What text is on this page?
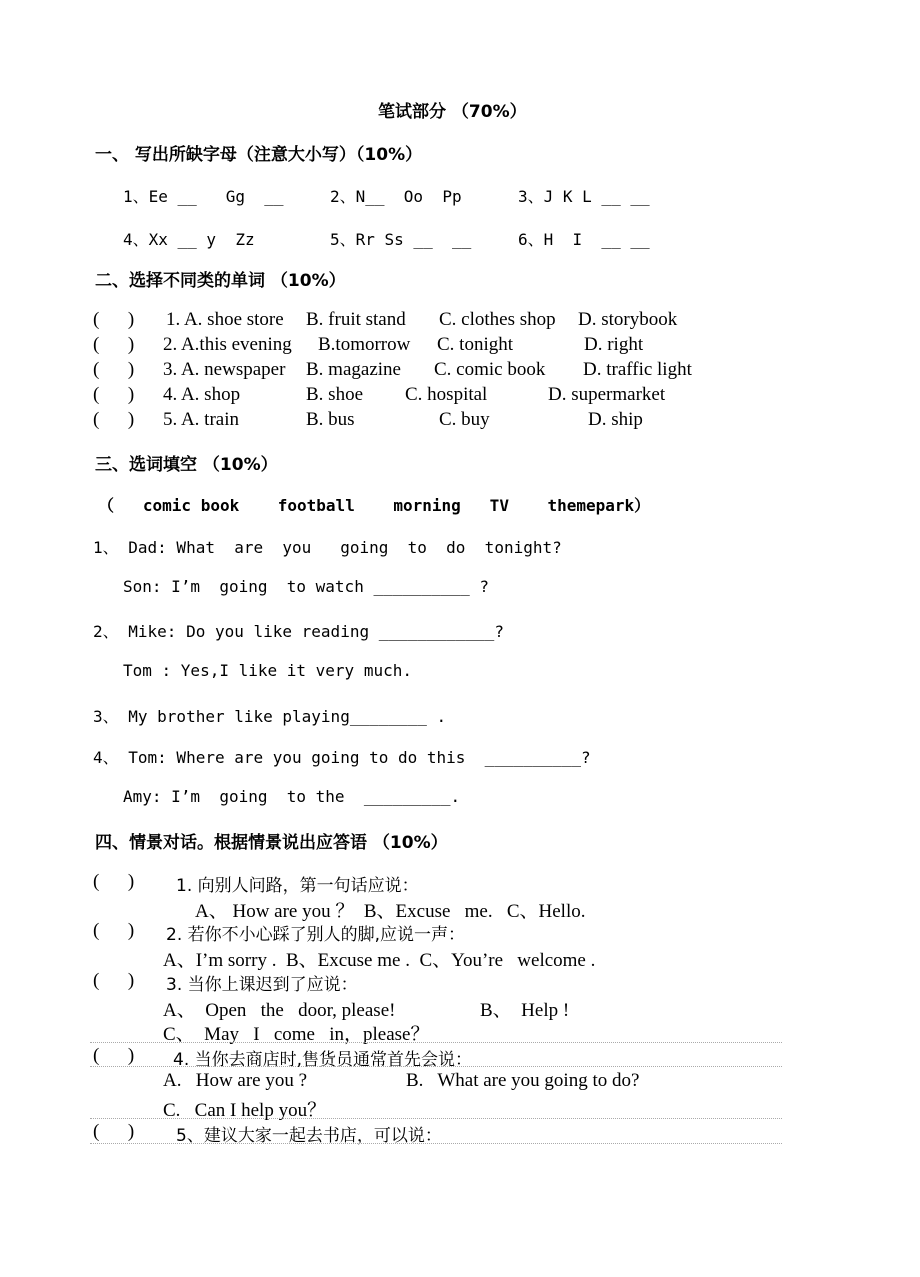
笔试部分 （70%）
一、 写出所缺字母（注意大小写）（10%）
1、Ee __   Gg  __	2、N__  Oo  Pp	3、J K L __ __
4、Xx __ y  Zz	5、Rr Ss __  __	6、H  I  __ __
二、选择不同类的单词 （10%）
(      ) 1. A. shoe store B. fruit stand C. clothes shop D. storybook
(      ) 2. A.this evening B.tomorrow C. tonight	D. right
(      ) 3. A. newspaper B. magazine C. comic book D. traffic light
(      ) 4. A. shop	B. shoe C. hospital	D. supermarket
(      ) 5. A. train	B. bus	C. buy	D. ship
三、选词填空 （10%）
（   comic book    football    morning   TV    themepark）
1、 Dad: What  are  you   going  to  do  tonight?
Son: I’m  going  to watch __________ ?
2、 Mike: Do you like reading ____________?
Tom : Yes,I like it very much.
3、 My brother like playing________ .
4、 Tom: Where are you going to do this  __________?
Amy: I’m  going  to the  _________.
四、情景对话。根据情景说出应答语 （10%）
(      ) 1. 向别人问路，第一句话应说：
A、 How are you ？  B、Excuse   me.   C、Hello.
(      ) 2. 若你不小心踩了别人的脚,应说一声：
A、I’m sorry .  B、Excuse me .  C、You’re   welcome .
(      ) 3. 当你上课迟到了应说：
A、  Open   the   door, please!	B、  Help !
C、  May   I   come   in，please？
(      ) 4. 当你去商店时,售货员通常首先会说：
A.   How are you ?	B.   What are you going to do?
C.   Can I help you？
(      ) 5、建议大家一起去书店，可以说：
